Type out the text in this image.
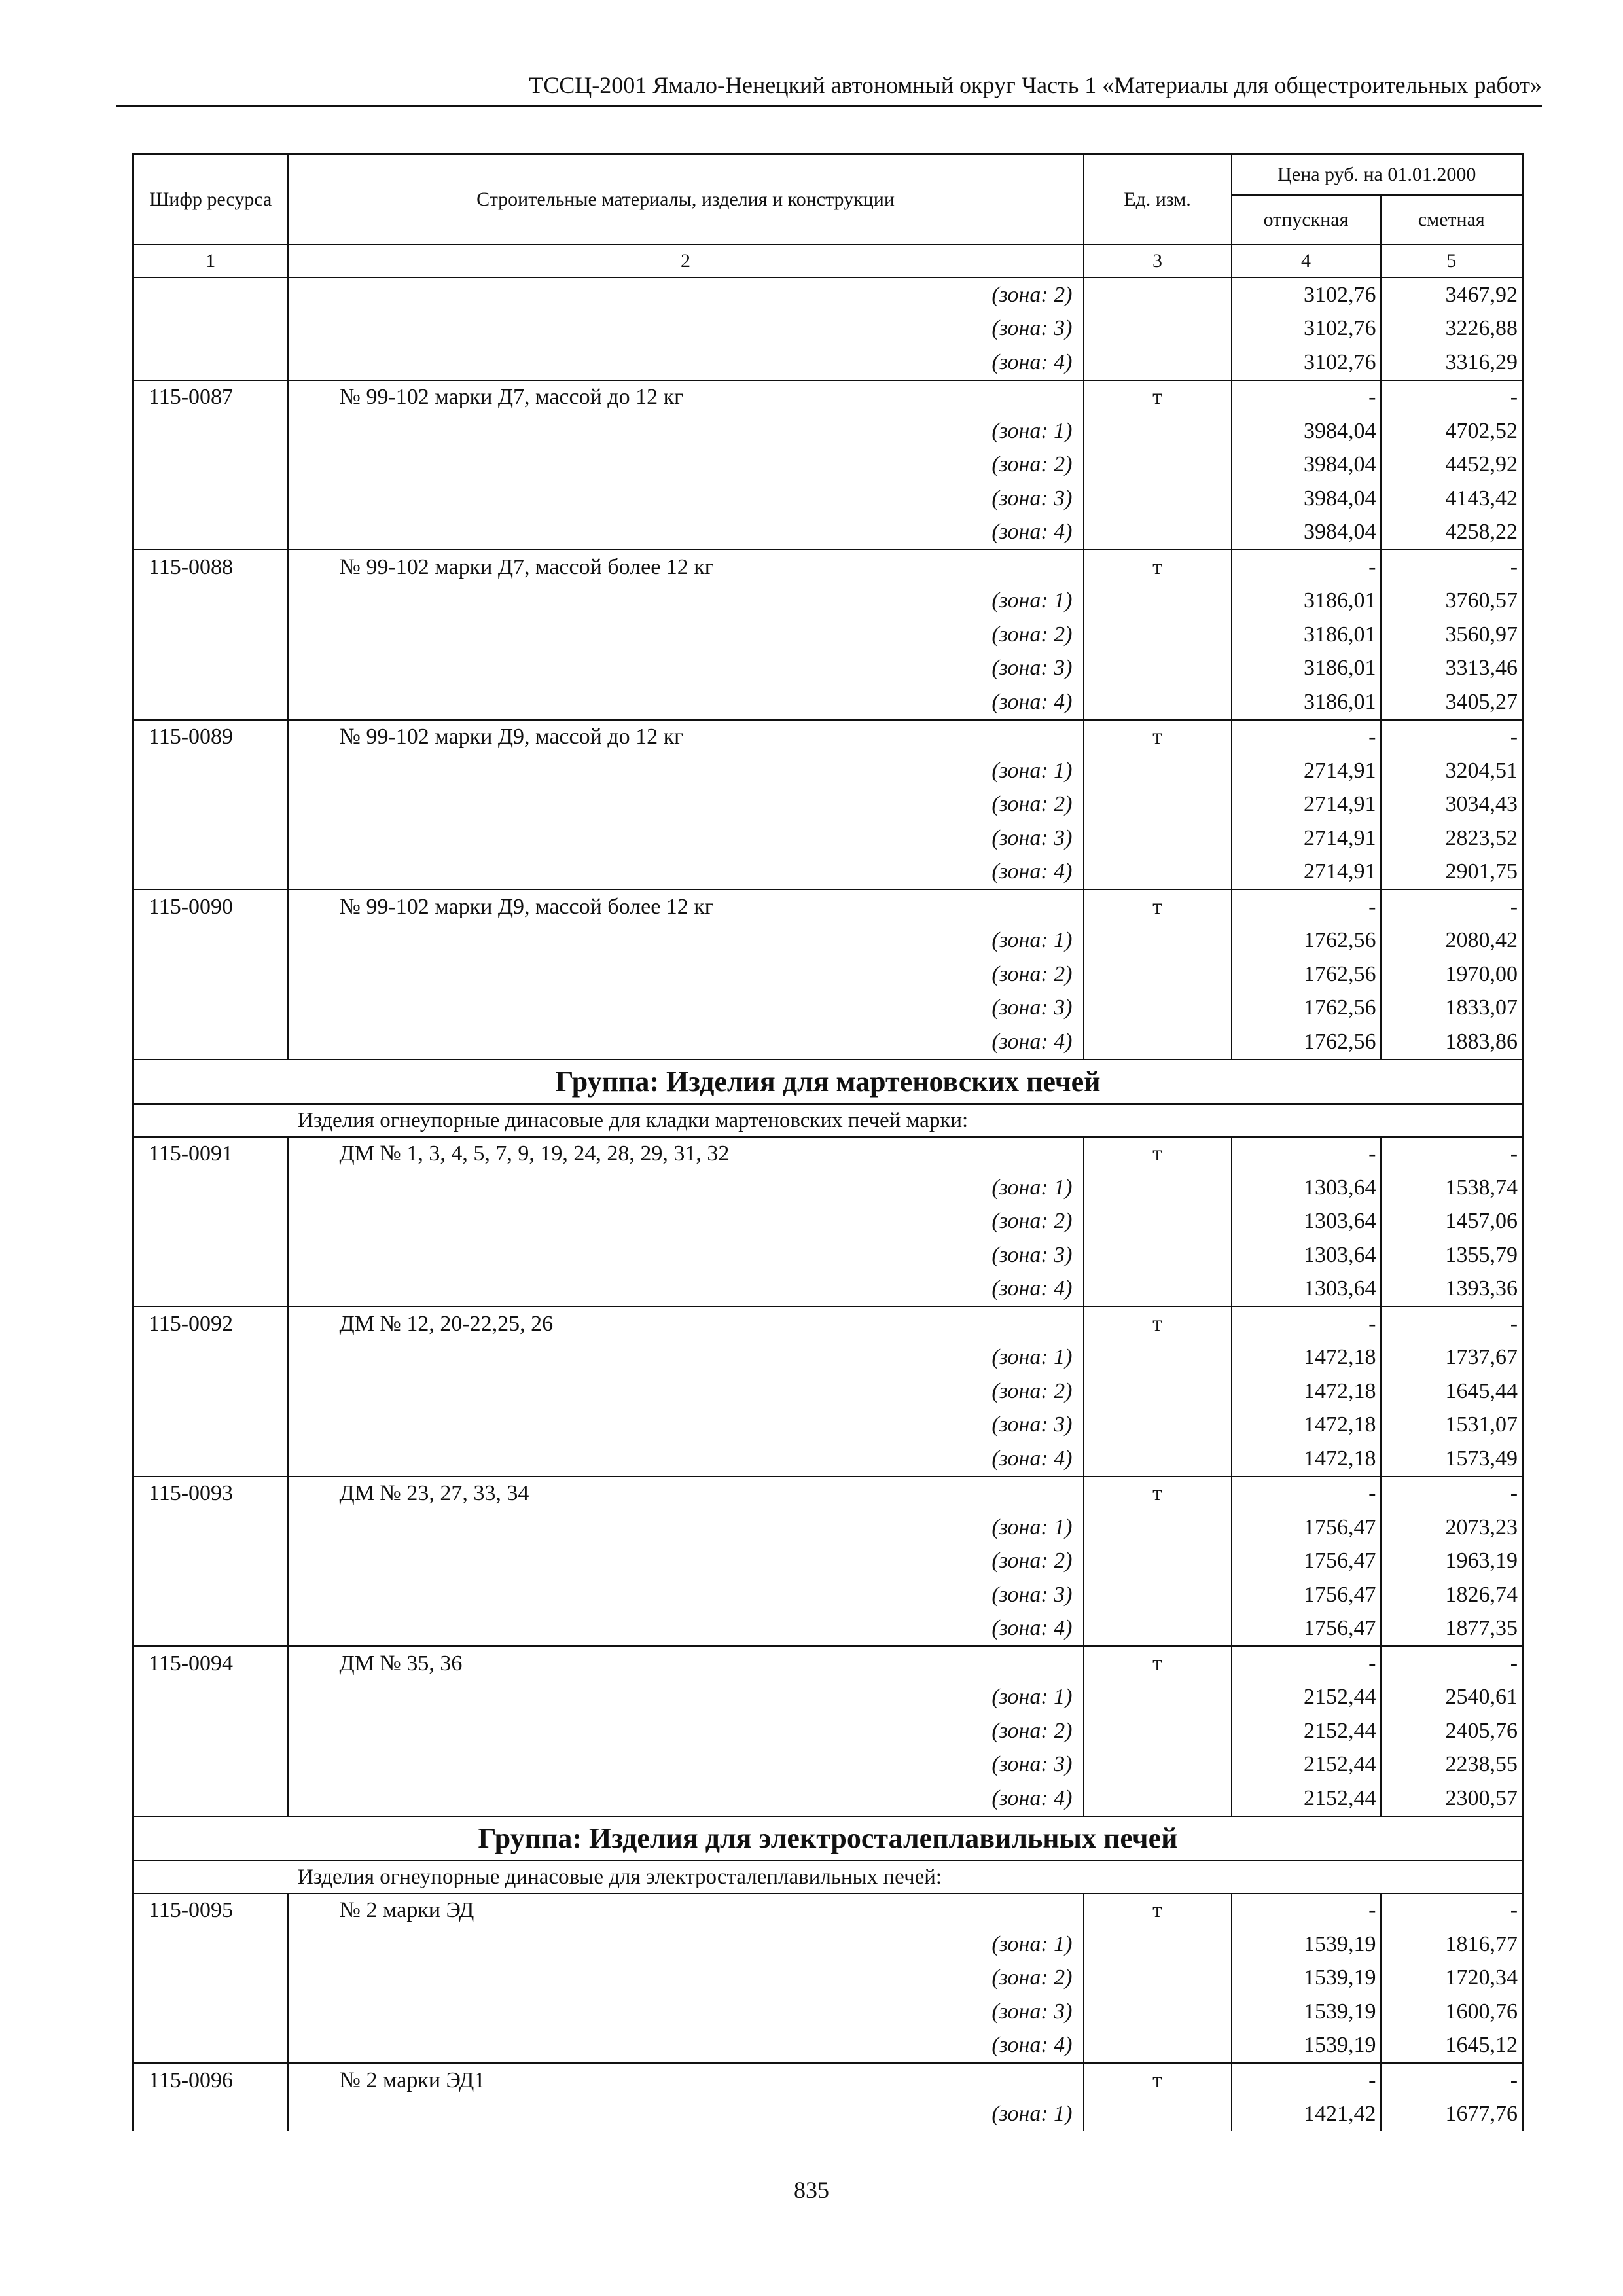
ТССЦ-2001 Ямало-Ненецкий автономный округ Часть 1 «Материалы для общестроительных работ»
Шифр ресурса	Строительные материалы, изделия и конструкции	Ед. изм.	Цена руб. на 01.01.2000	
			отпускная	сметная
1	2	3	4	5
	(зона: 2)		3102,76	3467,92
	(зона: 3)		3102,76	3226,88
	(зона: 4)		3102,76	3316,29
115-0087	№ 99-102 марки Д7, массой до 12 кг	т	-	-
	(зона: 1)		3984,04	4702,52
	(зона: 2)		3984,04	4452,92
	(зона: 3)		3984,04	4143,42
	(зона: 4)		3984,04	4258,22
115-0088	№ 99-102 марки Д7, массой более 12 кг	т	-	-
	(зона: 1)		3186,01	3760,57
	(зона: 2)		3186,01	3560,97
	(зона: 3)		3186,01	3313,46
	(зона: 4)		3186,01	3405,27
115-0089	№ 99-102 марки Д9, массой до 12 кг	т	-	-
	(зона: 1)		2714,91	3204,51
	(зона: 2)		2714,91	3034,43
	(зона: 3)		2714,91	2823,52
	(зона: 4)		2714,91	2901,75
115-0090	№ 99-102 марки Д9, массой более 12 кг	т	-	-
	(зона: 1)		1762,56	2080,42
	(зона: 2)		1762,56	1970,00
	(зона: 3)		1762,56	1833,07
	(зона: 4)		1762,56	1883,86
Группа: Изделия для мартеновских печей				
Изделия огнеупорные динасовые для кладки мартеновских печей марки:				
115-0091	ДМ № 1, 3, 4, 5, 7, 9, 19, 24, 28, 29, 31, 32	т	-	-
	(зона: 1)		1303,64	1538,74
	(зона: 2)		1303,64	1457,06
	(зона: 3)		1303,64	1355,79
	(зона: 4)		1303,64	1393,36
115-0092	ДМ № 12, 20-22,25, 26	т	-	-
	(зона: 1)		1472,18	1737,67
	(зона: 2)		1472,18	1645,44
	(зона: 3)		1472,18	1531,07
	(зона: 4)		1472,18	1573,49
115-0093	ДМ № 23, 27, 33, 34	т	-	-
	(зона: 1)		1756,47	2073,23
	(зона: 2)		1756,47	1963,19
	(зона: 3)		1756,47	1826,74
	(зона: 4)		1756,47	1877,35
115-0094	ДМ № 35, 36	т	-	-
	(зона: 1)		2152,44	2540,61
	(зона: 2)		2152,44	2405,76
	(зона: 3)		2152,44	2238,55
	(зона: 4)		2152,44	2300,57
Группа: Изделия для электросталеплавильных печей				
Изделия огнеупорные динасовые для электросталеплавильных печей:				
115-0095	№ 2 марки ЭД	т	-	-
	(зона: 1)		1539,19	1816,77
	(зона: 2)		1539,19	1720,34
	(зона: 3)		1539,19	1600,76
	(зона: 4)		1539,19	1645,12
115-0096	№ 2 марки ЭД1	т	-	-
	(зона: 1)		1421,42	1677,76
835
